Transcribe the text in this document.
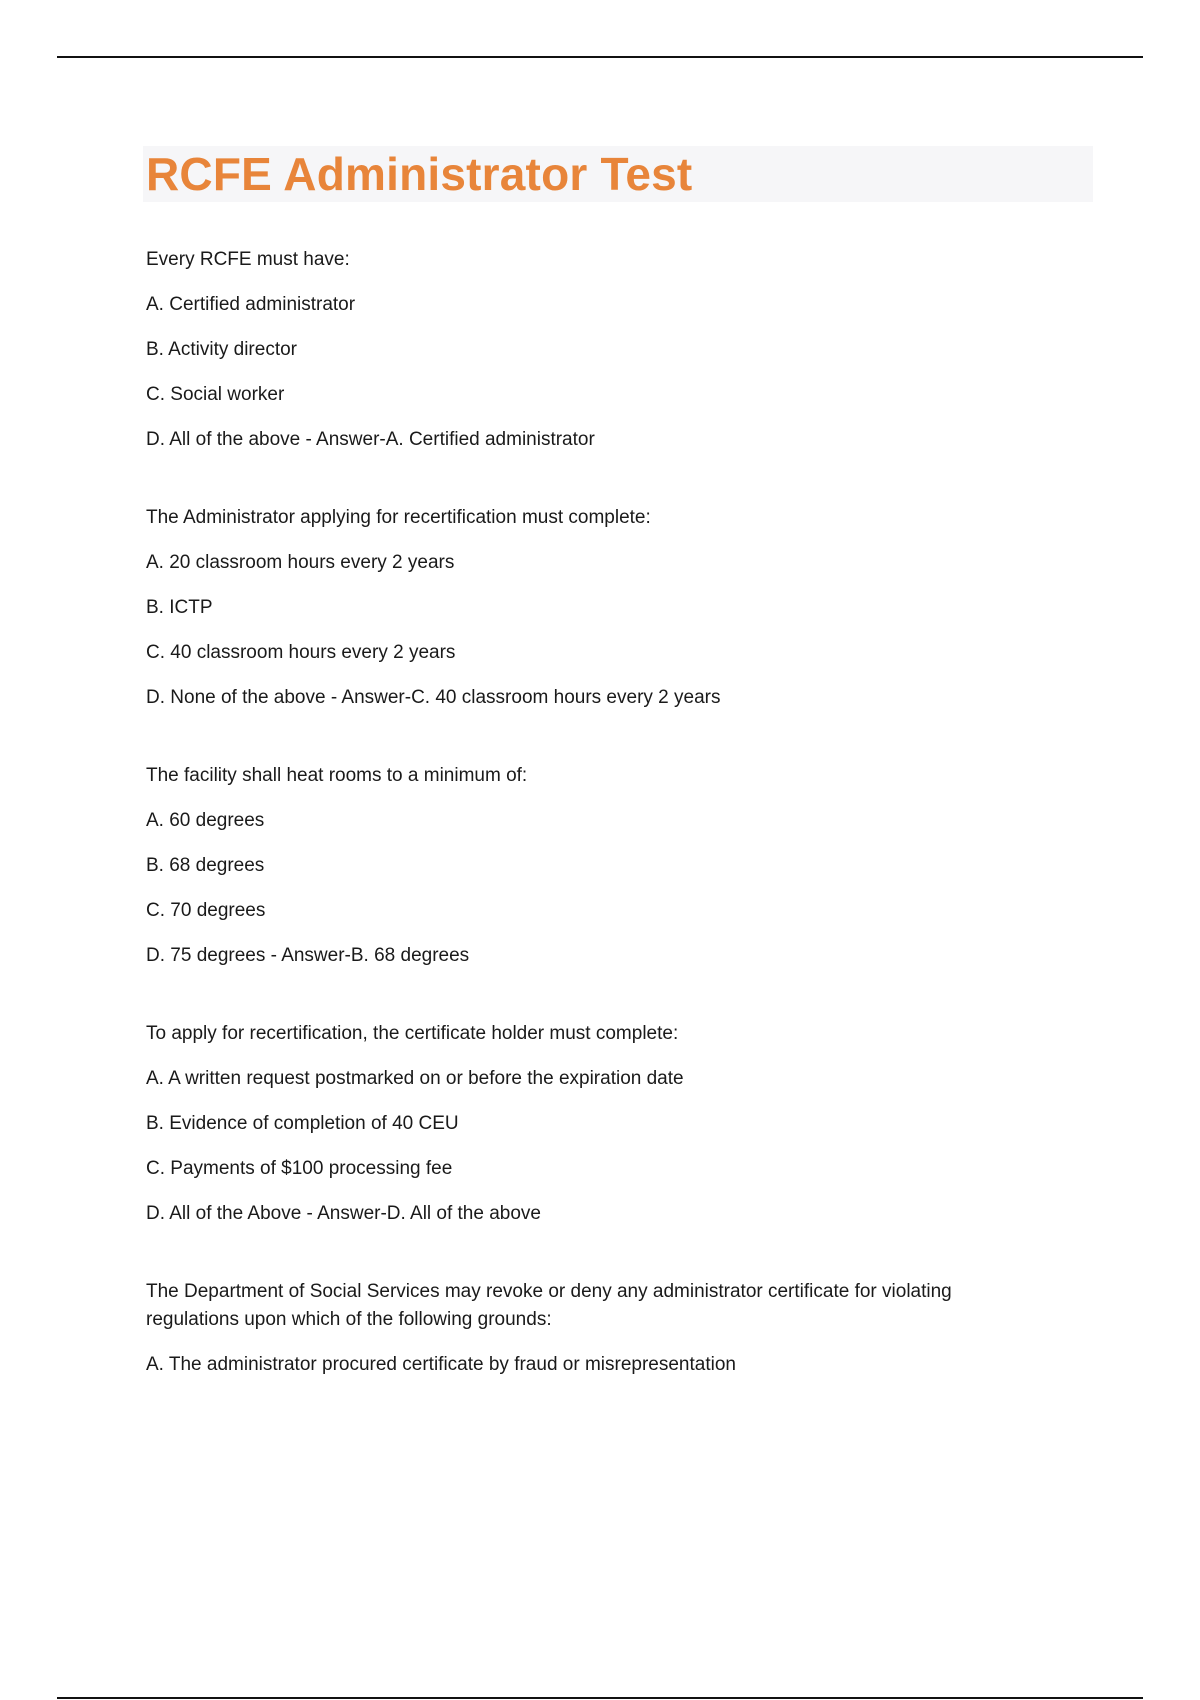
RCFE Administrator Test

Every RCFE must have:

A. Certified administrator

B. Activity director

C. Social worker

D. All of the above - Answer-A. Certified administrator

The Administrator applying for recertification must complete:

A. 20 classroom hours every 2 years

B. ICTP

C. 40 classroom hours every 2 years

D. None of the above - Answer-C. 40 classroom hours every 2 years

The facility shall heat rooms to a minimum of:

A. 60 degrees

B. 68 degrees

C. 70 degrees

D. 75 degrees - Answer-B. 68 degrees

To apply for recertification, the certificate holder must complete:

A. A written request postmarked on or before the expiration date

B. Evidence of completion of 40 CEU

C. Payments of $100 processing fee

D. All of the Above - Answer-D. All of the above

The Department of Social Services may revoke or deny any administrator certificate for violating regulations upon which of the following grounds:

A. The administrator procured certificate by fraud or misrepresentation
